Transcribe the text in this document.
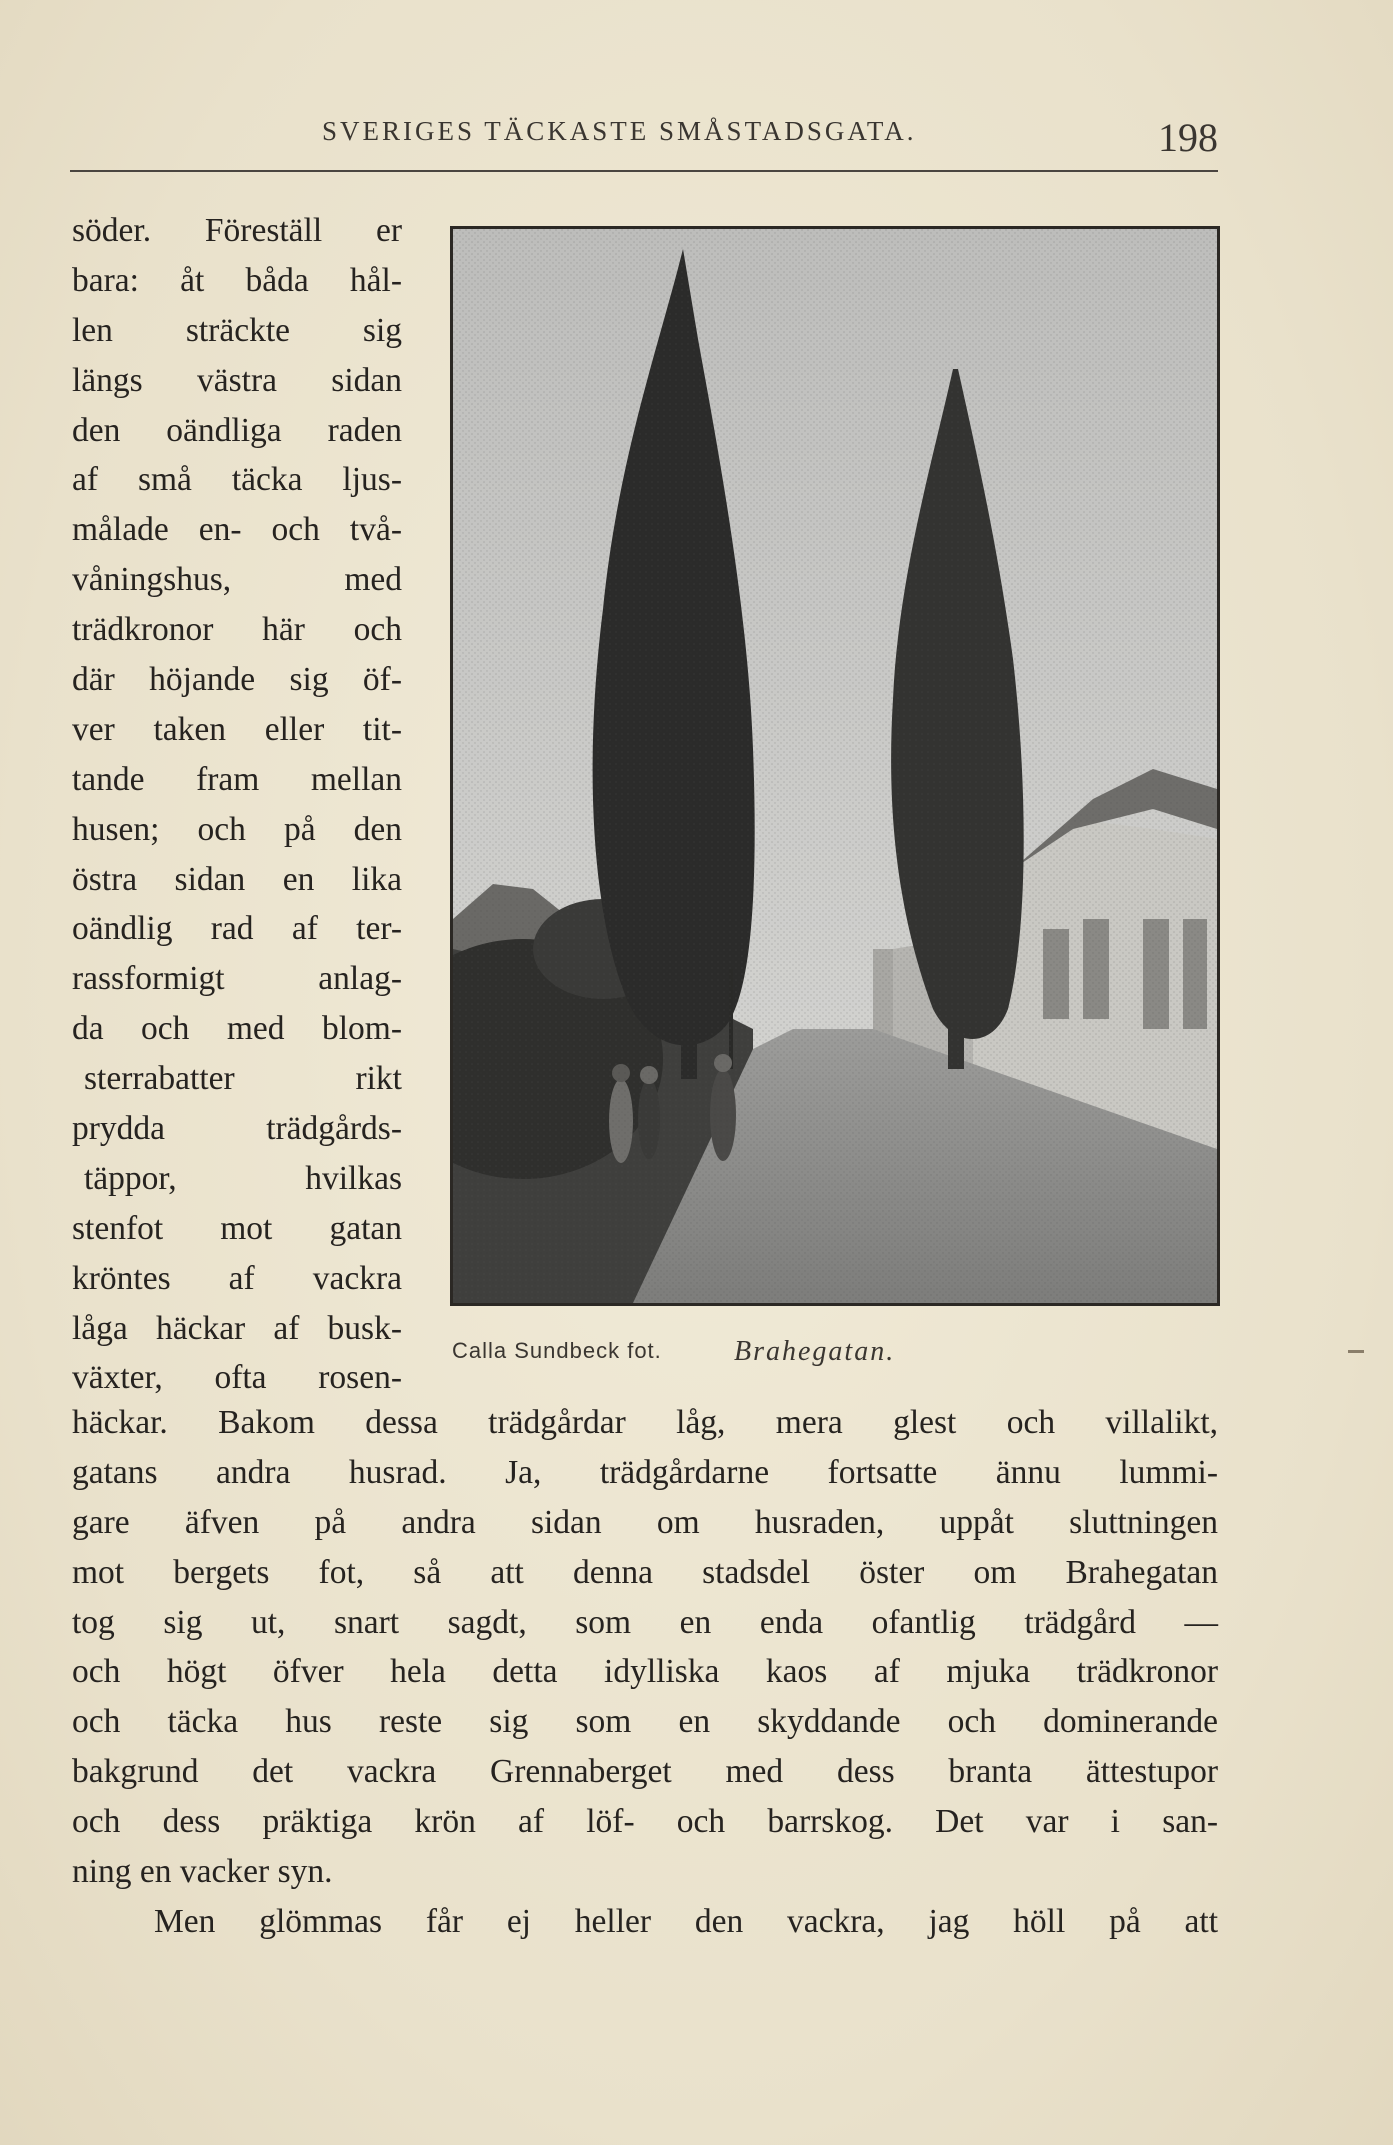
SVERIGES TÄCKASTE SMÅSTADSGATA.	198
söder. Föreställ er
bara: åt båda hål-
len sträckte sig
längs västra sidan
den oändliga raden
af små täcka ljus-
målade en- och två-
våningshus, med
trädkronor här och
där höjande sig öf-
ver taken eller tit-
tande fram mellan
husen; och på den
östra sidan en lika
oändlig rad af ter-
rassformigt anlag-
da och med blom-
sterrabatter rikt
prydda trädgårds-
täppor, hvilkas
stenfot mot gatan
kröntes af vackra
låga häckar af busk-
växter, ofta rosen-
Calla Sundbeck fot.	Brahegatan.
häckar. Bakom dessa trädgårdar låg, mera glest och villalikt,
gatans andra husrad. Ja, trädgårdarne fortsatte ännu lummi-
gare äfven på andra sidan om husraden, uppåt sluttningen
mot bergets fot, så att denna stadsdel öster om Brahegatan
tog sig ut, snart sagdt, som en enda ofantlig trädgård —
och högt öfver hela detta idylliska kaos af mjuka trädkronor
och täcka hus reste sig som en skyddande och dominerande
bakgrund det vackra Grennaberget med dess branta ättestupor
och dess präktiga krön af löf- och barrskog. Det var i san-
ning en vacker syn.
Men glömmas får ej heller den vackra, jag höll på att
